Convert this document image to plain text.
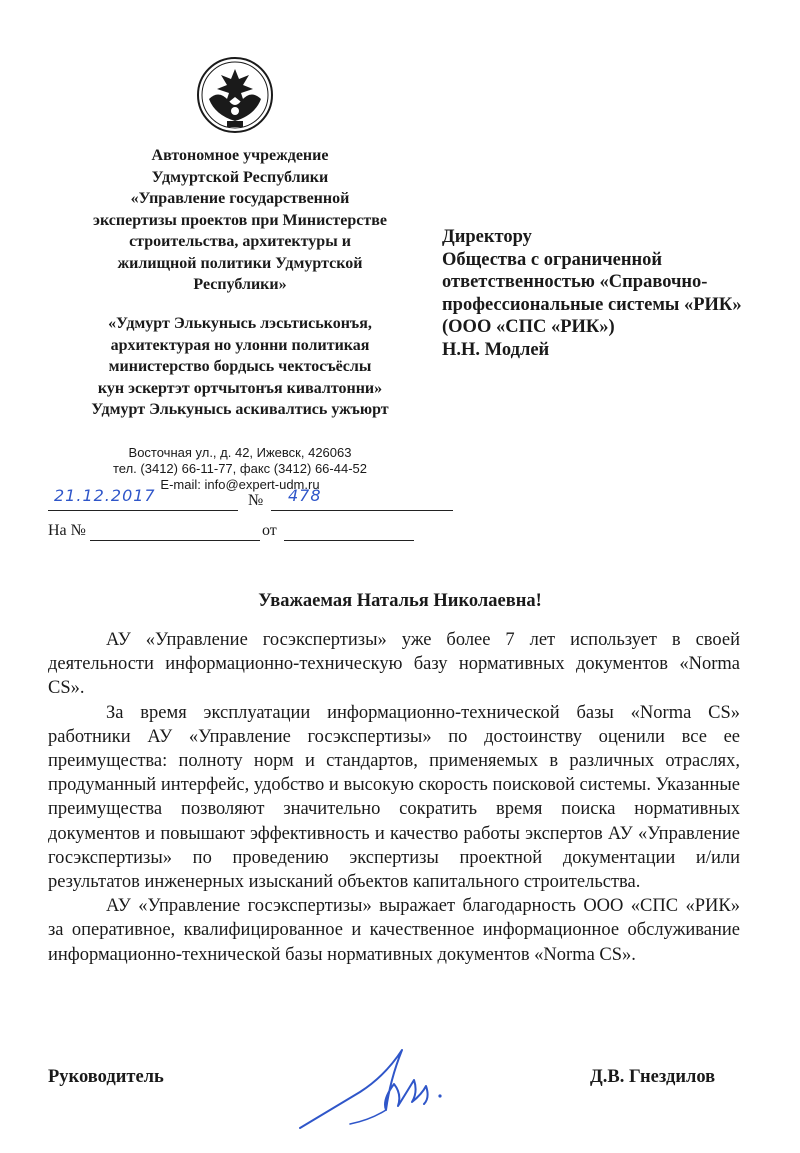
Автономное учреждение
Удмуртской Республики
«Управление государственной
экспертизы проектов при Министерстве
строительства, архитектуры и
жилищной политики Удмуртской
Республики»
«Удмурт Элькунысь лэсьтиськонъя,
архитектурая но улонни политикая
министерство бордысь чектосъёслы
кун эскертэт ортчытонъя кивалтонни»
Удмурт Элькунысь аскивалтись ужъюрт
Восточная ул., д. 42, Ижевск, 426063
тел. (3412) 66-11-77, факс (3412) 66-44-52
E-mail: info@expert-udm.ru
Директору
Общества с ограниченной
ответственностью «Справочно-
профессиональные системы «РИК»
(ООО «СПС «РИК»)
Н.Н. Модлей
21.12.2017	№ 478
На №	от
Уважаемая Наталья Николаевна!

АУ «Управление госэкспертизы» уже более 7 лет использует в своей деятельности информационно-техническую базу нормативных документов «Norma CS».

За время эксплуатации информационно-технической базы «Norma CS» работники АУ «Управление госэкспертизы» по достоинству оценили все ее преимущества: полноту норм и стандартов, применяемых в различных отраслях, продуманный интерфейс, удобство и высокую скорость поисковой системы. Указанные преимущества позволяют значительно сократить время поиска нормативных документов и повышают эффективность и качество работы экспертов АУ «Управление госэкспертизы» по проведению экспертизы проектной документации и/или результатов инженерных изысканий объектов капитального строительства.

АУ «Управление госэкспертизы» выражает благодарность ООО «СПС «РИК» за оперативное, квалифицированное и качественное информационное обслуживание информационно-технической базы нормативных документов «Norma CS».

Руководитель	Д.В. Гнездилов
